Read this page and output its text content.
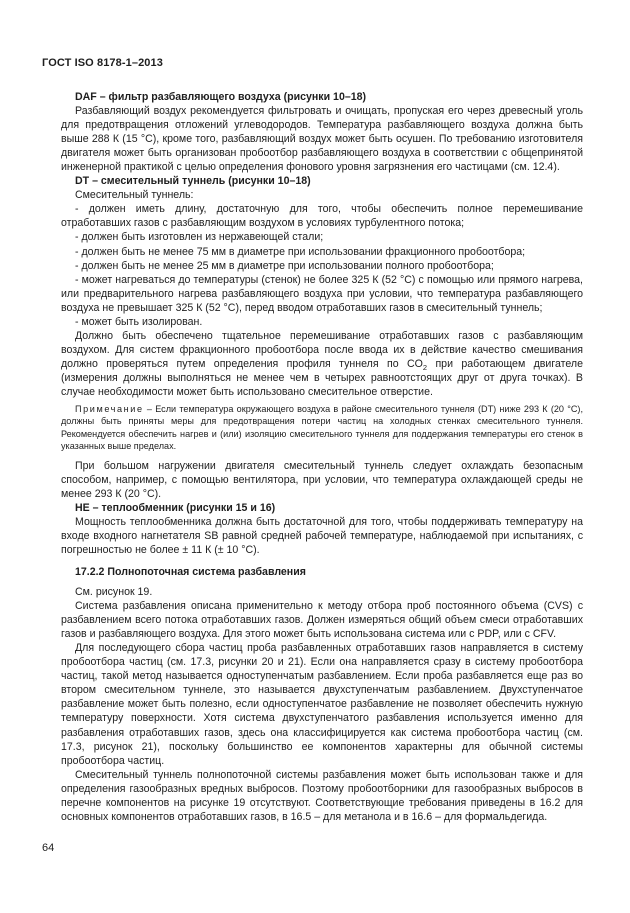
ГОСТ ISO 8178-1–2013

DAF – фильтр разбавляющего воздуха (рисунки 10–18)

Разбавляющий воздух рекомендуется фильтровать и очищать, пропуская его через древесный уголь для предотвращения отложений углеводородов. Температура разбавляющего воздуха должна быть выше 288 К (15 °С), кроме того, разбавляющий воздух может быть осушен. По требованию изготовителя двигателя может быть организован пробоотбор разбавляющего воздуха в соответствии с общепринятой инженерной практикой с целью определения фонового уровня загрязнения его частицами (см. 12.4).

DT – смесительный туннель (рисунки 10–18)

Смесительный туннель:

- должен иметь длину, достаточную для того, чтобы обеспечить полное перемешивание отработавших газов с разбавляющим воздухом в условиях турбулентного потока;

- должен быть изготовлен из нержавеющей стали;

- должен быть не менее 75 мм в диаметре при использовании фракционного пробоотбора;

- должен быть не менее 25 мм в диаметре при использовании полного пробоотбора;

- может нагреваться до температуры (стенок) не более 325 К (52 °С) с помощью или прямого нагрева, или предварительного нагрева разбавляющего воздуха при условии, что температура разбавляющего воздуха не превышает 325 К (52 °С), перед вводом отработавших газов в смесительный туннель;

- может быть изолирован.

Должно быть обеспечено тщательное перемешивание отработавших газов с разбавляющим воздухом. Для систем фракционного пробоотбора после ввода их в действие качество смешивания должно проверяться путем определения профиля туннеля по $CO_2$ при работающем двигателе (измерения должны выполняться не менее чем в четырех равноотстоящих друг от друга точках). В случае необходимости может быть использовано смесительное отверстие.

Примечание – Если температура окружающего воздуха в районе смесительного туннеля (DT) ниже 293 К (20 °С), должны быть приняты меры для предотвращения потери частиц на холодных стенках смесительного туннеля. Рекомендуется обеспечить нагрев и (или) изоляцию смесительного туннеля для поддержания температуры его стенок в указанных выше пределах.

При большом нагружении двигателя смесительный туннель следует охлаждать безопасным способом, например, с помощью вентилятора, при условии, что температура охлаждающей среды не менее 293 К (20 °С).

HE – теплообменник (рисунки 15 и 16)

Мощность теплообменника должна быть достаточной для того, чтобы поддерживать температуру на входе входного нагнетателя SB равной средней рабочей температуре, наблюдаемой при испытаниях, с погрешностью не более ± 11 К (± 10 °С).

17.2.2 Полнопоточная система разбавления

См. рисунок 19.

Система разбавления описана применительно к методу отбора проб постоянного объема (CVS) с разбавлением всего потока отработавших газов. Должен измеряться общий объем смеси отработавших газов и разбавляющего воздуха. Для этого может быть использована система или с PDP, или с CFV.

Для последующего сбора частиц проба разбавленных отработавших газов направляется в систему пробоотбора частиц (см. 17.3, рисунки 20 и 21). Если она направляется сразу в систему пробоотбора частиц, такой метод называется одноступенчатым разбавлением. Если проба разбавляется еще раз во втором смесительном туннеле, это называется двухступенчатым разбавлением. Двухступенчатое разбавление может быть полезно, если одноступенчатое разбавление не позволяет обеспечить нужную температуру поверхности. Хотя система двухступенчатого разбавления используется именно для разбавления отработавших газов, здесь она классифицируется как система пробоотбора частиц (см. 17.3, рисунок 21), поскольку большинство ее компонентов характерны для обычной системы пробоотбора частиц.

Смесительный туннель полнопоточной системы разбавления может быть использован также и для определения газообразных вредных выбросов. Поэтому пробоотборники для газообразных выбросов в перечне компонентов на рисунке 19 отсутствуют. Соответствующие требования приведены в 16.2 для основных компонентов отработавших газов, в 16.5 – для метанола и в 16.6 – для формальдегида.

64
